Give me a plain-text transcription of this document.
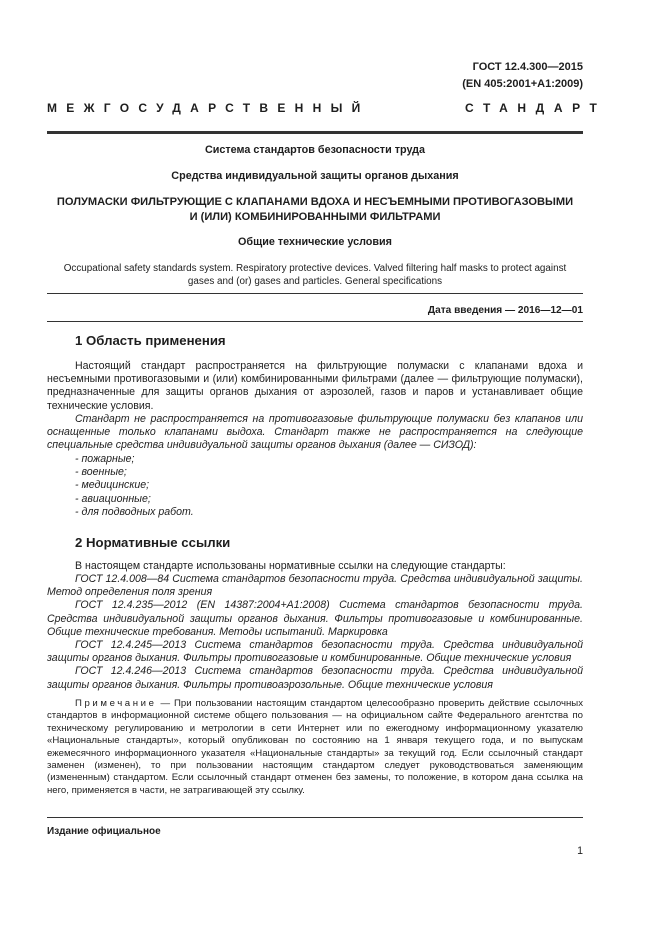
ГОСТ 12.4.300—2015
(EN 405:2001+A1:2009)
МЕЖГОСУДАРСТВЕННЫЙ	СТАНДАРТ
Система стандартов безопасности труда
Средства индивидуальной защиты органов дыхания
ПОЛУМАСКИ ФИЛЬТРУЮЩИЕ С КЛАПАНАМИ ВДОХА И НЕСЪЕМНЫМИ ПРОТИВОГАЗОВЫМИ
И (ИЛИ) КОМБИНИРОВАННЫМИ ФИЛЬТРАМИ
Общие технические условия
Occupational safety standards system. Respiratory protective devices. Valved filtering half masks to protect against
gases and (or) gases and particles. General specifications
Дата введения — 2016—12—01
1 Область применения
Настоящий стандарт распространяется на фильтрующие полумаски с клапанами вдоха и несъемными противогазовыми и (или) комбинированными фильтрами (далее — фильтрующие полумаски), предназначенные для защиты органов дыхания от аэрозолей, газов и паров и устанавливает общие технические условия.
Стандарт не распространяется на противогазовые фильтрующие полумаски без клапанов или оснащенные только клапанами выдоха. Стандарт также не распространяется на следующие специальные средства индивидуальной защиты органов дыхания (далее — СИЗОД):
- пожарные;
- военные;
- медицинские;
- авиационные;
- для подводных работ.
2 Нормативные ссылки
В настоящем стандарте использованы нормативные ссылки на следующие стандарты:
ГОСТ 12.4.008—84 Система стандартов безопасности труда. Средства индивидуальной защиты. Метод определения поля зрения
ГОСТ 12.4.235—2012 (EN 14387:2004+A1:2008) Система стандартов безопасности труда. Средства индивидуальной защиты органов дыхания. Фильтры противогазовые и комбинированные. Общие технические требования. Методы испытаний. Маркировка
ГОСТ 12.4.245—2013 Система стандартов безопасности труда. Средства индивидуальной защиты органов дыхания. Фильтры противогазовые и комбинированные. Общие технические условия
ГОСТ 12.4.246—2013 Система стандартов безопасности труда. Средства индивидуальной защиты органов дыхания. Фильтры противоаэрозольные. Общие технические условия
Примечание — При пользовании настоящим стандартом целесообразно проверить действие ссылочных стандартов в информационной системе общего пользования — на официальном сайте Федерального агентства по техническому регулированию и метрологии в сети Интернет или по ежегодному информационному указателю «Национальные стандарты», который опубликован по состоянию на 1 января текущего года, и по выпускам ежемесячного информационного указателя «Национальные стандарты» за текущий год. Если ссылочный стандарт заменен (изменен), то при пользовании настоящим стандартом следует руководствоваться заменяющим (измененным) стандартом. Если ссылочный стандарт отменен без замены, то положение, в котором дана ссылка на него, применяется в части, не затрагивающей эту ссылку.
Издание официальное
1
